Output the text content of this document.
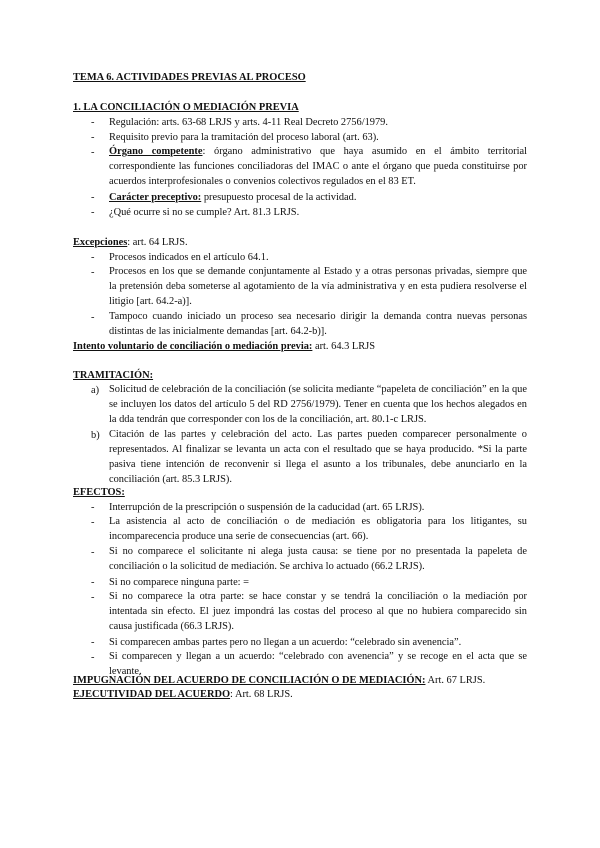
TEMA 6. ACTIVIDADES PREVIAS AL PROCESO
1. LA CONCILIACIÓN O MEDIACIÓN PREVIA
- Regulación: arts. 63-68 LRJS y arts. 4-11 Real Decreto 2756/1979.
- Requisito previo para la tramitación del proceso laboral (art. 63).
- Órgano competente: órgano administrativo que haya asumido en el ámbito territorial correspondiente las funciones conciliadoras del IMAC o ante el órgano que pueda constituirse por acuerdos interprofesionales o convenios colectivos regulados en el 83 ET.
- Carácter preceptivo: presupuesto procesal de la actividad.
- ¿Qué ocurre si no se cumple? Art. 81.3 LRJS.
Excepciones: art. 64 LRJS.
- Procesos indicados en el artículo 64.1.
- Procesos en los que se demande conjuntamente al Estado y a otras personas privadas, siempre que la pretensión deba someterse al agotamiento de la vía administrativa y en esta pudiera resolverse el litigio [art. 64.2-a)].
- Tampoco cuando iniciado un proceso sea necesario dirigir la demanda contra nuevas personas distintas de las inicialmente demandas [art. 64.2-b)].
Intento voluntario de conciliación o mediación previa: art. 64.3 LRJS
TRAMITACIÓN:
a) Solicitud de celebración de la conciliación (se solicita mediante “papeleta de conciliación” en la que se incluyen los datos del artículo 5 del RD 2756/1979). Tener en cuenta que los hechos alegados en la dda tendrán que corresponder con los de la conciliación, art. 80.1-c LRJS.
b) Citación de las partes y celebración del acto. Las partes pueden comparecer personalmente o representados. Al finalizar se levanta un acta con el resultado que se haya producido. *Si la parte pasiva tiene intención de reconvenir si llega el asunto a los tribunales, debe anunciarlo en la conciliación (art. 85.3 LRJS).
EFECTOS:
- Interrupción de la prescripción o suspensión de la caducidad (art. 65 LRJS).
- La asistencia al acto de conciliación o de mediación es obligatoria para los litigantes, su incomparecencia produce una serie de consecuencias (art. 66).
- Si no comparece el solicitante ni alega justa causa: se tiene por no presentada la papeleta de conciliación o la solicitud de mediación. Se archiva lo actuado (66.2 LRJS).
- Si no comparece ninguna parte: =
- Si no comparece la otra parte: se hace constar y se tendrá la conciliación o la mediación por intentada sin efecto. El juez impondrá las costas del proceso al que no hubiera comparecido sin causa justificada (66.3 LRJS).
- Si comparecen ambas partes pero no llegan a un acuerdo: “celebrado sin avenencia”.
- Si comparecen y llegan a un acuerdo: “celebrado con avenencia” y se recoge en el acta que se levante.
IMPUGNACIÓN DEL ACUERDO DE CONCILIACIÓN O DE MEDIACIÓN: Art. 67 LRJS.
EJECUTIVIDAD DEL ACUERDO: Art. 68 LRJS.
